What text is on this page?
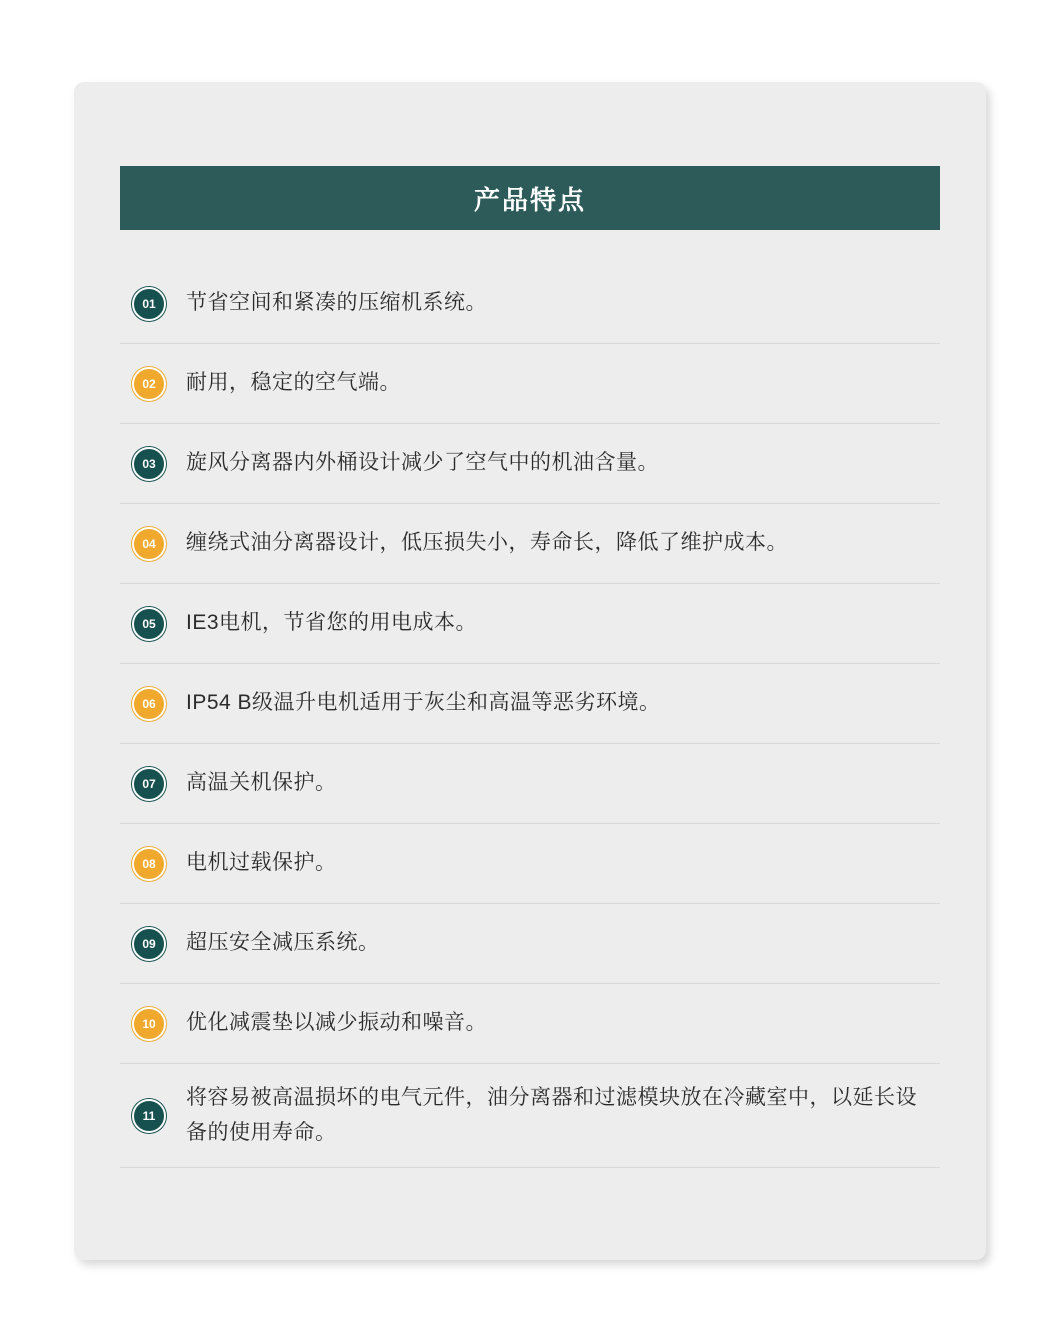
产品特点
01	节省空间和紧凑的压缩机系统。
02	耐用，稳定的空气端。
03	旋风分离器内外桶设计减少了空气中的机油含量。
04	缠绕式油分离器设计，低压损失小，寿命长，降低了维护成本。
05	IE3电机，节省您的用电成本。
06	IP54 B级温升电机适用于灰尘和高温等恶劣环境。
07	高温关机保护。
08	电机过载保护。
09	超压安全减压系统。
10	优化减震垫以减少振动和噪音。
11
将容易被高温损坏的电气元件，油分离器和过滤模块放在冷藏室中，以延长设备的使用寿命。
